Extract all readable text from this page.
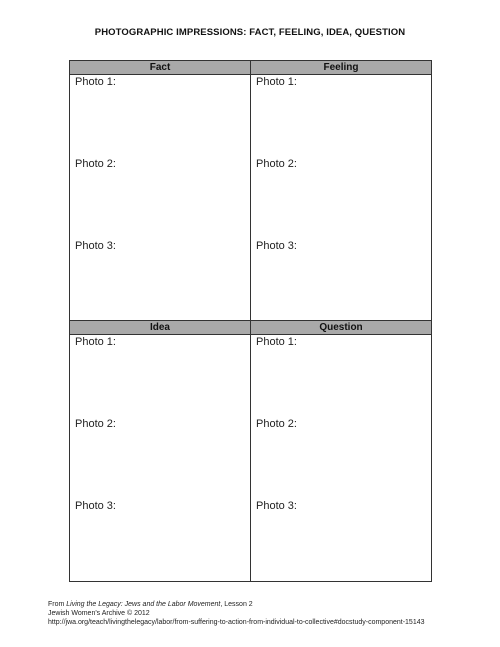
PHOTOGRAPHIC IMPRESSIONS: FACT, FEELING, IDEA, QUESTION
Fact
Photo 1:
Photo 2:
Photo 3:
Feeling
Photo 1:
Photo 2:
Photo 3:
Idea
Photo 1:
Photo 2:
Photo 3:
Question
Photo 1:
Photo 2:
Photo 3:
From Living the Legacy: Jews and the Labor Movement, Lesson 2
Jewish Women's Archive © 2012
http://jwa.org/teach/livingthelegacy/labor/from-suffering-to-action-from-individual-to-collective#docstudy-component-15143
